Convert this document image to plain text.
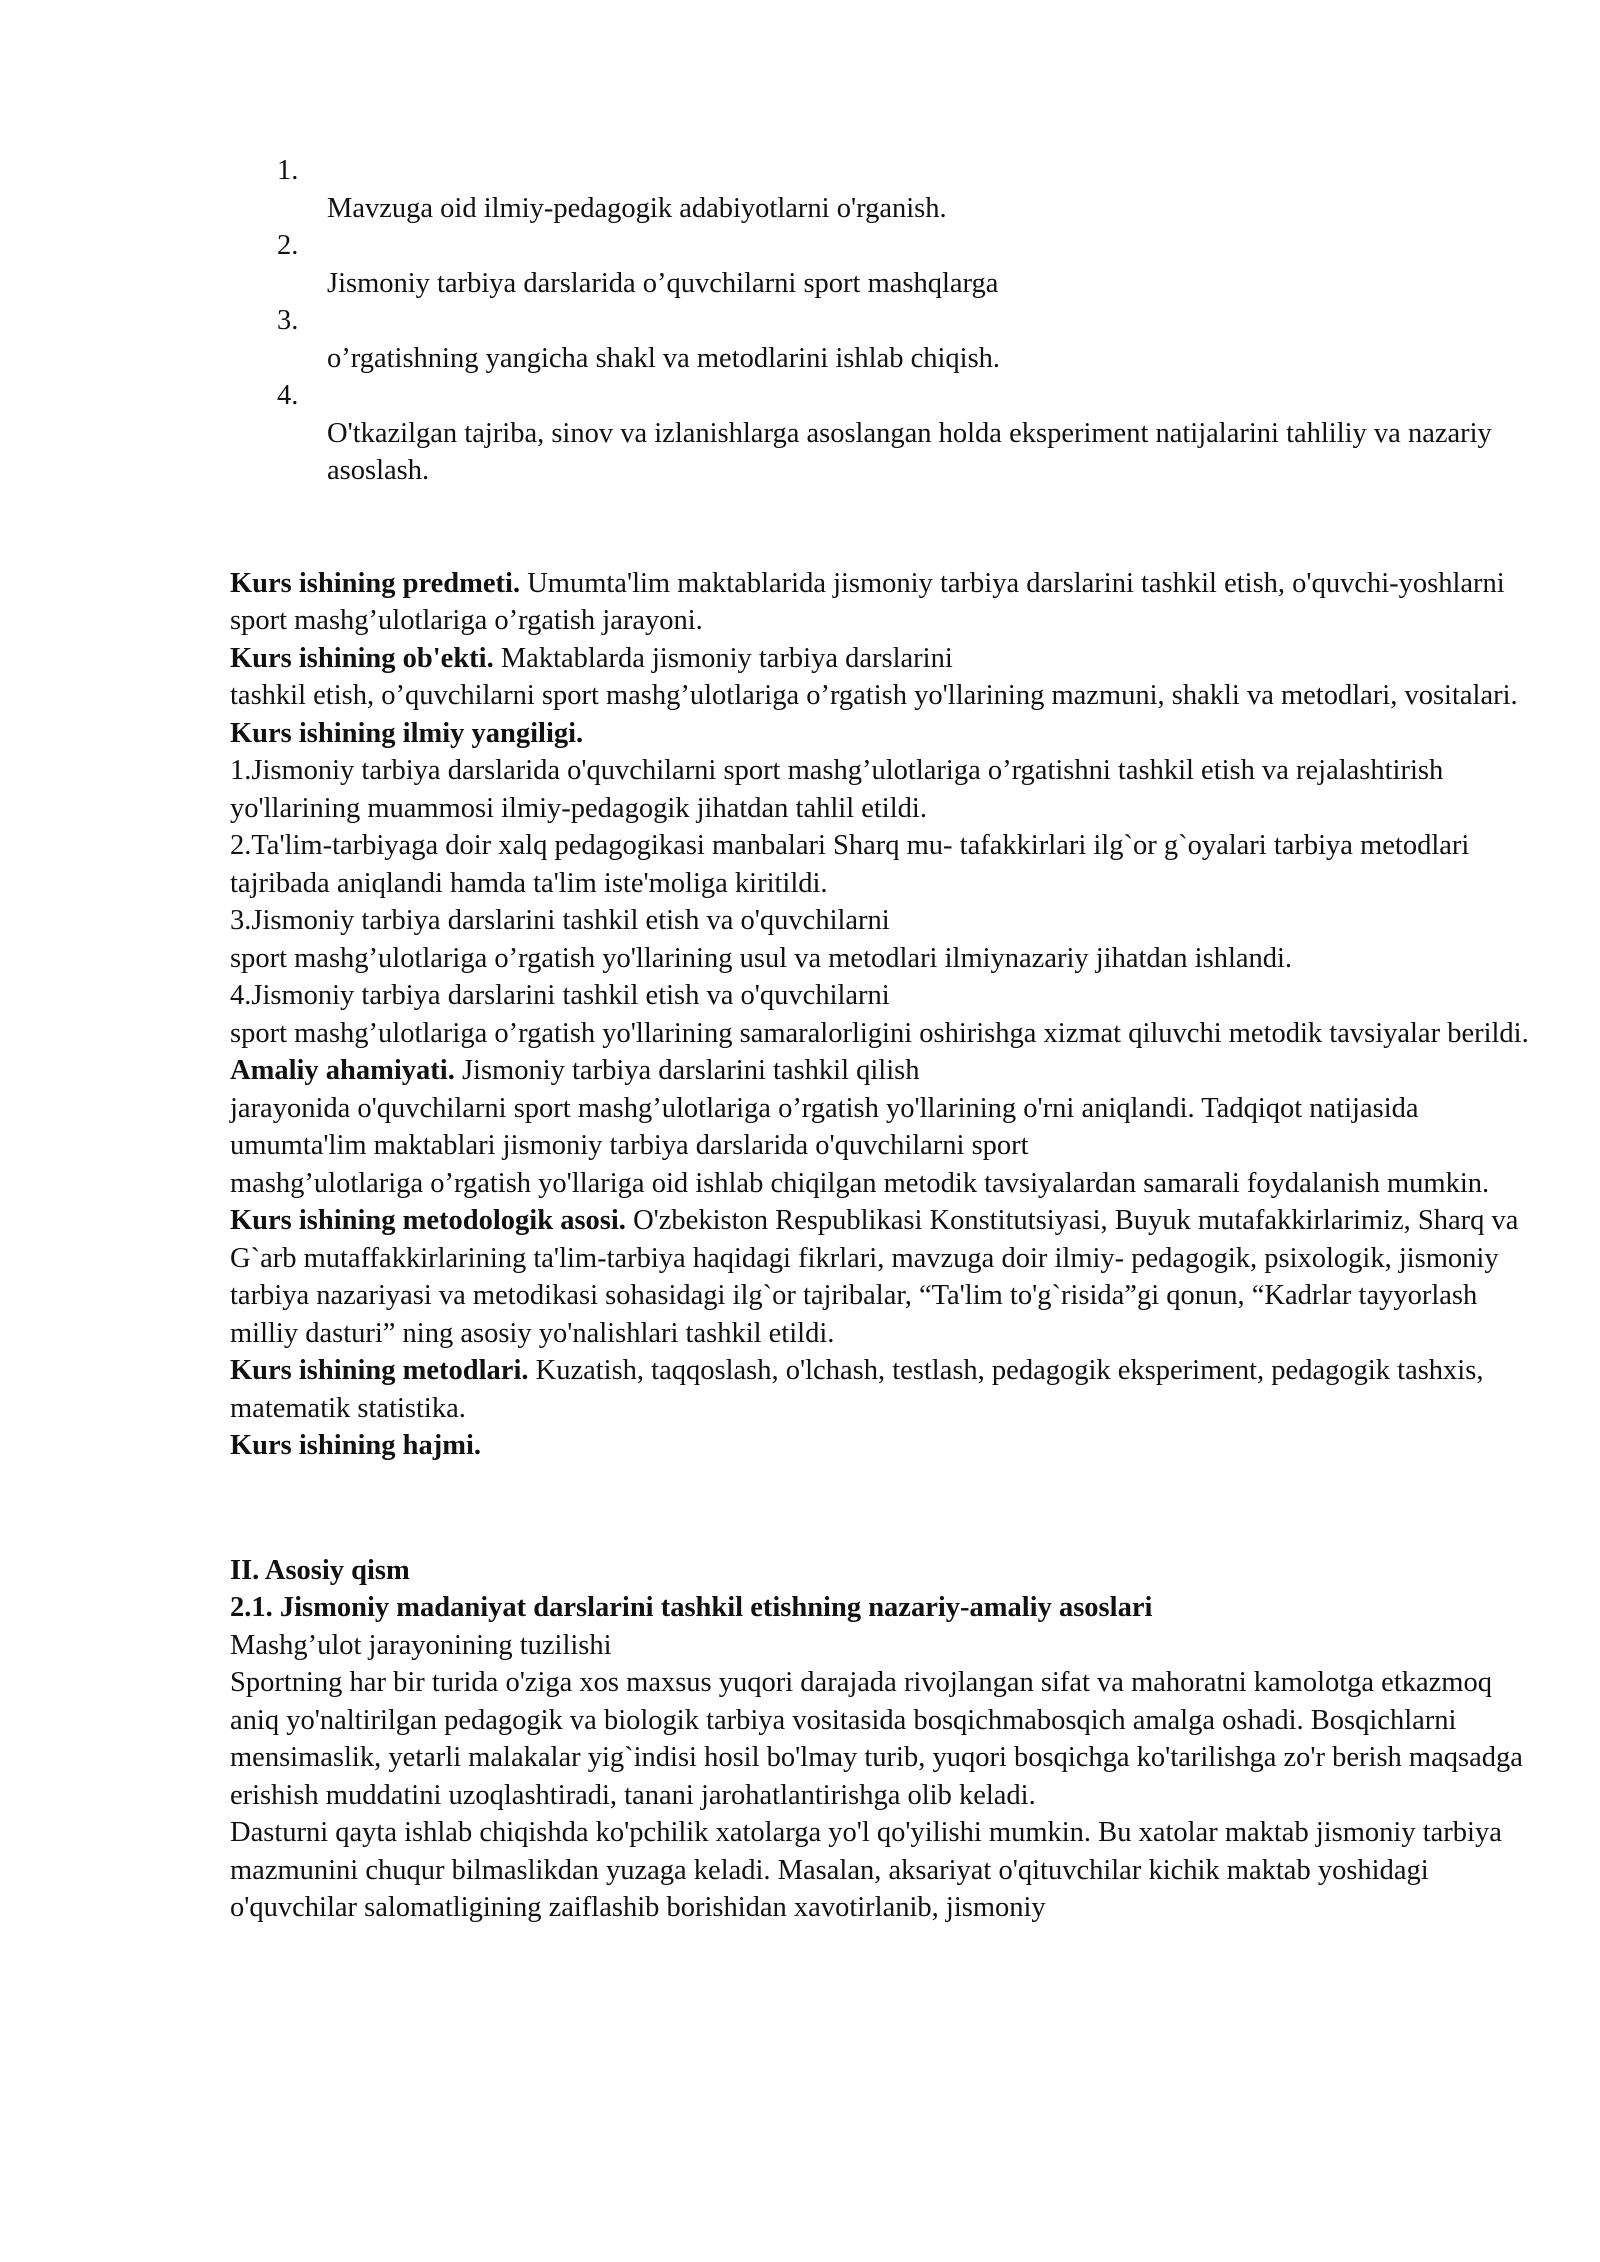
1.
Mavzuga oid ilmiy-pedagogik adabiyotlarni o'rganish.
2.
Jismoniy tarbiya darslarida o’quvchilarni sport mashqlarga
3.
o’rgatishning yangicha shakl va metodlarini ishlab chiqish.
4.
O'tkazilgan tajriba, sinov va izlanishlarga asoslangan holda eksperiment natijalarini tahliliy va nazariy asoslash.

Kurs ishining predmeti. Umumta'lim maktablarida jismoniy tarbiya darslarini tashkil etish, o'quvchi-yoshlarni sport mashg’ulotlariga o’rgatish jarayoni.

Kurs ishining ob'ekti. Maktablarda jismoniy tarbiya darslarini

tashkil etish, o’quvchilarni sport mashg’ulotlariga o’rgatish yo'llarining mazmuni, shakli va metodlari, vositalari.

Kurs ishining ilmiy yangiligi.

1.Jismoniy tarbiya darslarida o'quvchilarni sport mashg’ulotlariga o’rgatishni tashkil etish va rejalashtirish yo'llarining muammosi ilmiy-pedagogik jihatdan tahlil etildi.

2.Ta'lim-tarbiyaga doir xalq pedagogikasi manbalari Sharq mu- tafakkirlari ilg`or g`oyalari tarbiya metodlari tajribada aniqlandi hamda ta'lim iste'moliga kiritildi.

3.Jismoniy tarbiya darslarini tashkil etish va o'quvchilarni

sport mashg’ulotlariga o’rgatish yo'llarining usul va metodlari ilmiynazariy jihatdan ishlandi.

4.Jismoniy tarbiya darslarini tashkil etish va o'quvchilarni

sport mashg’ulotlariga o’rgatish yo'llarining samaralorligini oshirishga xizmat qiluvchi metodik tavsiyalar berildi.

Amaliy ahamiyati. Jismoniy tarbiya darslarini tashkil qilish

jarayonida o'quvchilarni sport mashg’ulotlariga o’rgatish yo'llarining o'rni aniqlandi. Tadqiqot natijasida umumta'lim maktablari jismoniy tarbiya darslarida o'quvchilarni sport

mashg’ulotlariga o’rgatish yo'llariga oid ishlab chiqilgan metodik tavsiyalardan samarali foydalanish mumkin.

Kurs ishining metodologik asosi. O'zbekiston Respublikasi Konstitutsiyasi, Buyuk mutafakkirlarimiz, Sharq va G`arb mutaffakkirlarining ta'lim-tarbiya haqidagi fikrlari, mavzuga doir ilmiy- pedagogik, psixologik, jismoniy tarbiya nazariyasi va metodikasi sohasidagi ilg`or tajribalar, “Ta'lim to'g`risida”gi qonun, “Kadrlar tayyorlash milliy dasturi” ning asosiy yo'nalishlari tashkil etildi.

Kurs ishining metodlari. Kuzatish, taqqoslash, o'lchash, testlash, pedagogik eksperiment, pedagogik tashxis, matematik statistika.

Kurs ishining hajmi.

II. Asosiy qism

2.1. Jismoniy madaniyat darslarini tashkil etishning nazariy-amaliy asoslari

Mashg’ulot jarayonining tuzilishi

Sportning har bir turida o'ziga xos maxsus yuqori darajada rivojlangan sifat va mahoratni kamolotga etkazmoq aniq yo'naltirilgan pedagogik va biologik tarbiya vositasida bosqichmabosqich amalga oshadi. Bosqichlarni mensimaslik, yetarli malakalar yig`indisi hosil bo'lmay turib, yuqori bosqichga ko'tarilishga zo'r berish maqsadga erishish muddatini uzoqlashtiradi, tanani jarohatlantirishga olib keladi.

Dasturni qayta ishlab chiqishda ko'pchilik xatolarga yo'l qo'yilishi mumkin. Bu xatolar maktab jismoniy tarbiya mazmunini chuqur bilmaslikdan yuzaga keladi. Masalan, aksariyat o'qituvchilar kichik maktab yoshidagi o'quvchilar salomatligining zaiflashib borishidan xavotirlanib, jismoniy
